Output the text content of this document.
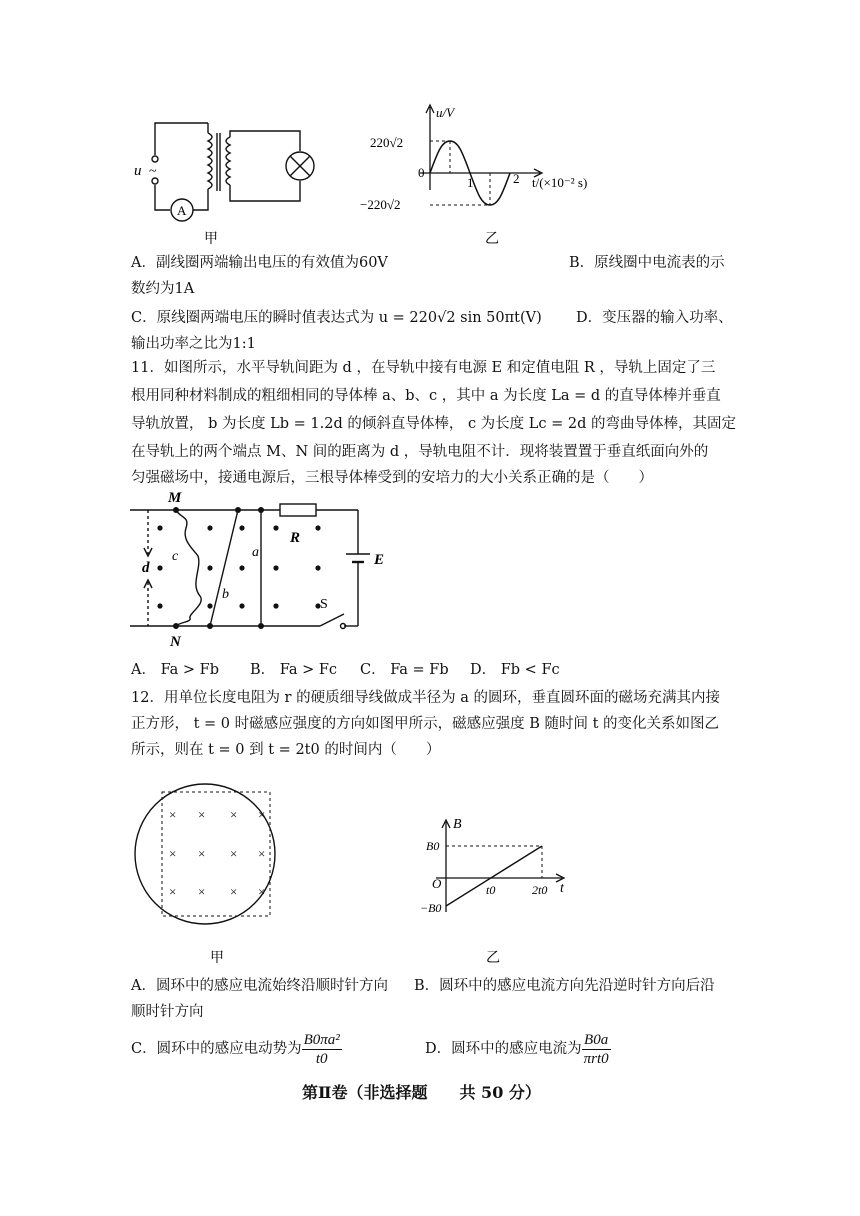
u ~
A
甲
u/V
220√2
0
−220√2
1	2 t/(×10⁻² s)
乙
A．副线圈两端输出电压的有效值为60V	B．原线圈中电流表的示
数约为1A
C．原线圈两端电压的瞬时值表达式为 u = 220√2 sin 50πt(V) D．变压器的输入功率、
输出功率之比为1:1
11．如图所示，水平导轨间距为 d ，在导轨中接有电源 E 和定值电阻 R ，导轨上固定了三
根用同种材料制成的粗细相同的导体棒 a、b、c ，其中 a 为长度 La = d 的直导体棒并垂直
导轨放置， b 为长度 Lb = 1.2d 的倾斜直导体棒， c 为长度 Lc = 2d 的弯曲导体棒，其固定
在导轨上的两个端点 M、N 间的距离为 d ，导轨电阻不计．现将装置置于垂直纸面向外的
匀强磁场中，接通电源后，三根导体棒受到的安培力的大小关系正确的是（　　）
M
N
d
c
b
a
R
E
S
A． Fa > Fb B． Fa > Fc C． Fa = Fb D． Fb < Fc
12．用单位长度电阻为 r 的硬质细导线做成半径为 a 的圆环，垂直圆环面的磁场充满其内接
正方形， t = 0 时磁感应强度的方向如图甲所示，磁感应强度 B 随时间 t 的变化关系如图乙
所示，则在 t = 0 到 t = 2t0 的时间内（　　）
× × × ×
× × × ×
× × × ×
甲
B
B0
−B0
O	t0	2t0 t
乙
A．圆环中的感应电流始终沿顺时针方向 B．圆环中的感应电流方向先沿逆时针方向后沿
顺时针方向
C．圆环中的感应电动势为 $\frac{\text{B0πa²}}{t0}$	D．圆环中的感应电流为 $\frac{B0a}{\text{πrt0}}$
第Ⅱ卷（非选择题　　共 50 分）
